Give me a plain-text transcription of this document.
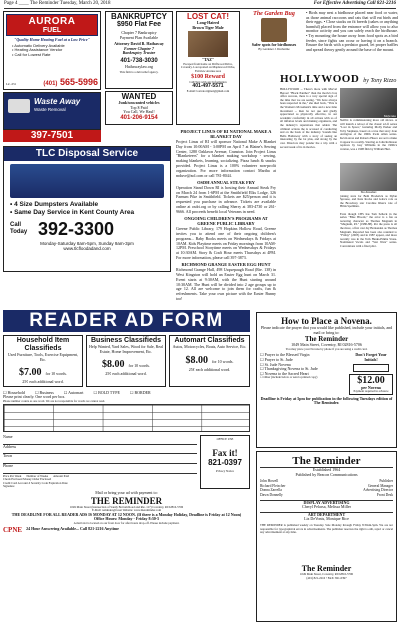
Page 4 ____ The Reminder Tuesday, March 20, 2018	For Effective Advertising Call 821-2216
AURORA
FUEL
"Quality Home Heating Fuel at a Low Price"
• Automatic Delivery Available
• Heating Assistance Vendor
• Call for Lowest Rate
Lic. #31	(401) 565-5996
Waste Away
Waste Removal
397-7501
BANKRUPTCY
$950 Flat Fee
Chapter 7 Bankruptcy
Payment Plan Available
Attorney David B. Hathaway
Former Chapter 7
Bankruptcy Trustee
401-738-3030
Hathawaylaw.org
This firm is a debt relief agency.
WANTED
Junk/unwanted vehicles
Top $ Paid
You Call, We Haul!
401-206-9154
LOST CAT!
Long-Haired
Brown Tiger Male
"TAZ"
Escaped from home on Driftwood Drive, Coventry. Last spotted on Maplewood Drive, Fairview Avenue area
$100 Reward
Call/Text with any Information
401-497-5571
E-mail: lostcatoriginal@gmail.com
The Garden Bug
Safer spots for birdhouses
By Gardener J. Ducharme
• Birds may nest a birdhouse placed near food or water, as those animal raccoons and cats that will eat birds and their eggs. • Close stacks on fit breeds (oakes or anything harmful) placed from the entrance will allow you to also monitor activity and you can safely reach the birdhouse. • Try mounting the house away from food spots as a bird feeder, since fights can occur or having it on a branch. Ensure the birds with a predator guard, let proper baffles and spread theory gently around the base of the mount.
TLC Disposal Service
• 4 Size Dumpsters Available
• Same Day Service in Kent County Area
Call Today 392-3300
Monday-Saturday 8am-5pm, Sunday 9am-3pm
www.tlcfloodadand.com
PROJECT LINUS OF RI NATIONAL MAKE A BLANKET DAY

Project Linus of RI will sponsor National Make A Blanket Day from 10:00AM - 3:00PM on April 7 at Blaine's Sewing Center, 1280 Oaklawn Avenue, Cranston. Join Project Linus "Blanketeers" for a blanket making workshop - sewing, making blankets, learning, socializing. Pizza lunch & snacks provided. Project Linus is a 100% volunteer non-profit organization. For more information contact Martha at mduve@aol.com or call 781-8044.

OSDH ANNUAL STEAK FRY

Operation Stand Down RI is hosting their Annual Steak Fry on March 24 from 1-6PM at the Smithfield Elks Lodge, 326 Farnum Pike in Smithfield. Tickets are $25/person and it is requested you purchase in advance. Tickets are available online at osdri.org or by calling Sherry at 383-4730 or 261-9666. All proceeds benefit local Veterans in need.

ONGOING CHILDREN'S PROGRAMS AT GREENE PUBLIC LIBRARY

Greene Public Library, 179 Hopkins Hollow Road, Greene invites you to attend one of their ongoing children's programs... Baby Books meets on Wednesdays & Fridays at 10AM. Kids Playtime meets on Friday mornings from 10AM-12PM. Preschool Storytime meets on Wednesdays & Fridays at 10:30AM. Story & Craft Hour meets Thursdays at 4PM. For more information, please call 397-3873.

RICHMOND GRANGE EASTER EGG HUNT

Richmond Grange Hall, 498 Usquepaugh Road (Rte. 138) in West Kingston will hold an Easter Egg hunt on March 31. Event starts at 9:30AM, with the Hunt starting around 10:30AM. The Hunt will be divided into 2 age groups up to age 12. All are welcome to join them for crafts, fun & refreshments. Take your own picture with the Easter Bunny too!

HOLLYWOOD by Tony Rizzo
HOLLYWOOD -- There's more with Marvel Heroes' "Black Panther" than the movie's box office success, there is a very special sign of the time that we are seeing. "We have always been respected in the," she died back, "This is the Women's Movement's time and a new time movement -- then be not use and gladly appreciated as physically effective, in our academic conformity in all actions with so of all inflation levels and making organizers, and the industry's reputations that added. The criminal actions the is accused of conducting and on the basis of the industry. Sounds like Bella Hathaway with a story of seeing an interesting by the lot plus, and strong by the cast. Directors may ponder the a trip with a second week of its in movies.
Majwreka
Netflix is commissioning more old shows. A will launch a reboot of the classic sci-fi series "Lost in Space," featuring Molly Parker and Toby Stephens, based on a true that story Joan Arrington of the 1960s Irwin Allen series. Kevin Aron and Roberto Hueco are set to make it appear in a reality. Starring as John Robinson replaces by Guy Williams in the 1960s's version, was a 1998 film by William Hurt.
Yea Kasatkas
joining stars for Beth Broderick as Dylan Sprouse, and Kate Rocks and Gabe's role as the Broadway star Caroline Rhea's role of Hilda Spellman.
Even though CBS has Tom Selleck in the series "Blue Bloods," the actor is a fan as recurring character as Thomas Magnum in "Magnum, P.I." (1980-88). Per the press is all the more, a first cast Jay Hernandez as Thomas Magnum. Reported has been also reunited to "Friday" (2003) and in 1987 appear, and more recently was in the Tom Hanks-Emma Stone. Nominated Vocals and "Star Wars" series. Conventions with a final pilot.
READER AD FORM
Household Item Classifieds
Used Furniture, Tools, Exercise Equipment, Etc.
$7.00 for 10 words.
25¢ each additional word.
Business Classifieds
Help Wanted, Yard Sales, Wood for Sale, Real Estate, Home Improvement, Etc.
$8.00 for 10 words.
25¢ each additional word.
Automart Classifieds
Autos, Motorcycles, Boats, Auto Service, Etc.
$8.00 for 10 words.
25¢ each additional word.
☐ Household	☐ Business	☐ Automart	☐ BOLD TYPE	☐ BORDER
Please print clearly. One word per box.
Phone number counts as one word. We are not responsible for words we cannot read.
Name
Address
Town
Phone
Price Per Week Number of Weeks Amount Paid
Check Enclosed Money Order Enclosed
Credit Card Account # Security Code Expiration Date
Signature
OFFICE USE
Fax it!
821-0397
Privacy Notice
Mail or bring your ad with payment to:
THE REMINDER
1049 Main Street (intersection of Sandy Bottom Road and Rte. 117) Coventry, RI 02816-5706
E-Mail: reminder@ri.net Website: www.thereminder.com
THE DEADLINE FOR ALL READER ADS IS MONDAY AT 12 NOON. (If there is a Monday Holiday, Deadline is Friday at 12 Noon)
Office Hours: Monday - Friday 8:30-5
A mail slot is located on our front door for after hours drop-off. Please include payment.
CPNE 24 Hour Answering Available... Call 821-2216 Anytime
How to Place a Novena.
Please indicate the prayer that you would like published, include your initials, and mail or bring to:
The Reminder
1049 Main Street, Coventry, RI 02816-5706
You may place your Novena by phone if you are using a credit card.
☐ Prayer to the Blessed Virgin
☐ Prayer to St. Jude
☐ St. Jude Novena
☐ Thanksgiving Novena to St. Jude
☐ Novena to the Sacred Heart
☐ Other (include below or send a printed copy)
Don't Forget Your Initials!
$12.00
per Novena
Payment required in advance
Deadline is Friday at 5pm for publication in the following Tuesdays edition of The Reminder.
The Reminder
Established 1964
Published by Beacon Communications
John Howell	Publisher
Richard Fleischer	General Manager
Donna Zarrella	Advertising Director
Dawn Donnelly	Front Desk
DISPLAY ADVERTISING
Cheryl Pelarsa, Melissa Miller
ART DEPARTMENT
Liz DeVonis, Monique Rice
THE REMINDER is published weekly on Tuesday. Sale Monday through Friday 8:30am-5pm. We are not responsible for typographical errors in advertisements. The publisher reserves the right to edit, reject or cancel any advertisement at any time.
The Reminder
1049 Main Street, Coventry, RI 02816-5706
(401) 821-2216 • FAX: 821-0397
